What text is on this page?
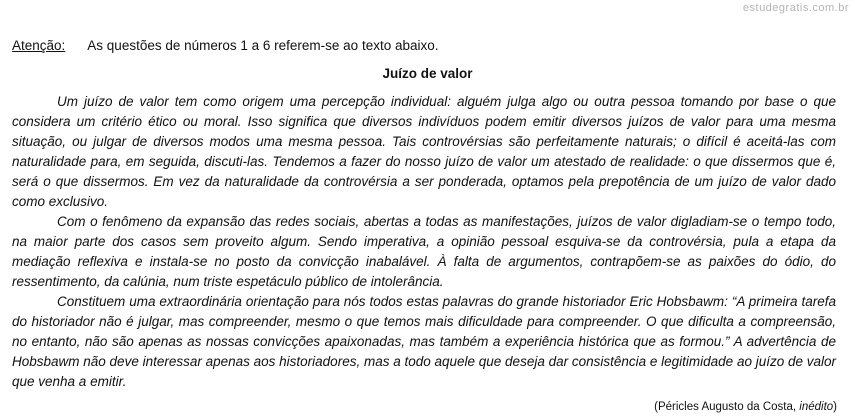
estudegratis.com.br
Atenção: As questões de números 1 a 6 referem-se ao texto abaixo.
Juízo de valor

Um juízo de valor tem como origem uma percepção individual: alguém julga algo ou outra pessoa tomando por base o que considera um critério ético ou moral. Isso significa que diversos indivíduos podem emitir diversos juízos de valor para uma mesma situação, ou julgar de diversos modos uma mesma pessoa. Tais controvérsias são perfeitamente naturais; o difícil é aceitá-las com naturalidade para, em seguida, discuti-las. Tendemos a fazer do nosso juízo de valor um atestado de realidade: o que dissermos que é, será o que dissermos. Em vez da naturalidade da controvérsia a ser ponderada, optamos pela prepotência de um juízo de valor dado como exclusivo.

Com o fenômeno da expansão das redes sociais, abertas a todas as manifestações, juízos de valor digladiam-se o tempo todo, na maior parte dos casos sem proveito algum. Sendo imperativa, a opinião pessoal esquiva-se da controvérsia, pula a etapa da mediação reflexiva e instala-se no posto da convicção inabalável. À falta de argumentos, contrapõem-se as paixões do ódio, do ressentimento, da calúnia, num triste espetáculo público de intolerância.

Constituem uma extraordinária orientação para nós todos estas palavras do grande historiador Eric Hobsbawm: “A primeira tarefa do historiador não é julgar, mas compreender, mesmo o que temos mais dificuldade para compreender. O que dificulta a compreensão, no entanto, não são apenas as nossas convicções apaixonadas, mas também a experiência histórica que as formou.” A advertência de Hobsbawm não deve interessar apenas aos historiadores, mas a todo aquele que deseja dar consistência e legitimidade ao juízo de valor que venha a emitir.

(Péricles Augusto da Costa, inédito)
